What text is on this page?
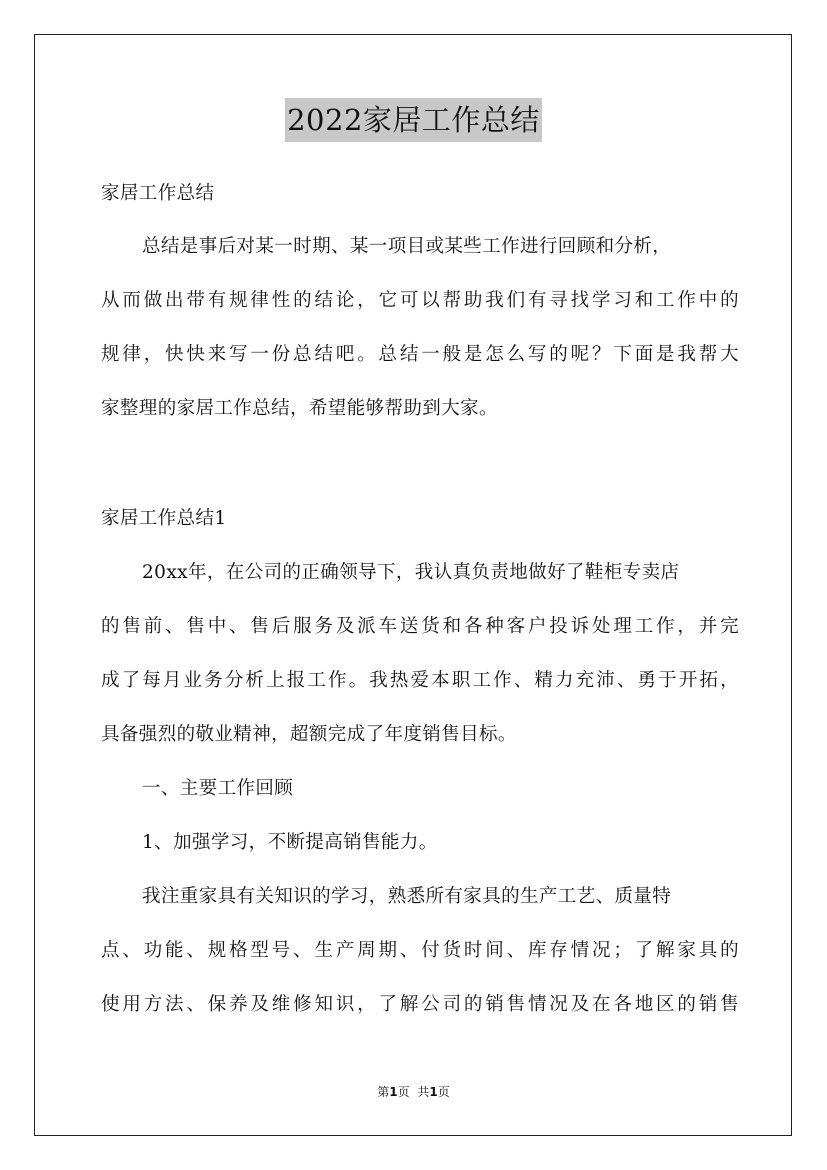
2022家居工作总结
家居工作总结
总结是事后对某一时期、某一项目或某些工作进行回顾和分析，
从而做出带有规律性的结论，它可以帮助我们有寻找学习和工作中的
规律，快快来写一份总结吧。总结一般是怎么写的呢？下面是我帮大
家整理的家居工作总结，希望能够帮助到大家。
家居工作总结1
20xx年，在公司的正确领导下，我认真负责地做好了鞋柜专卖店
的售前、售中、售后服务及派车送货和各种客户投诉处理工作，并完
成了每月业务分析上报工作。我热爱本职工作、精力充沛、勇于开拓，
具备强烈的敬业精神，超额完成了年度销售目标。
一、主要工作回顾
1、加强学习，不断提高销售能力。
我注重家具有关知识的学习，熟悉所有家具的生产工艺、质量特
点、功能、规格型号、生产周期、付货时间、库存情况；了解家具的
使用方法、保养及维修知识，了解公司的销售情况及在各地区的销售
第1页 共1页
